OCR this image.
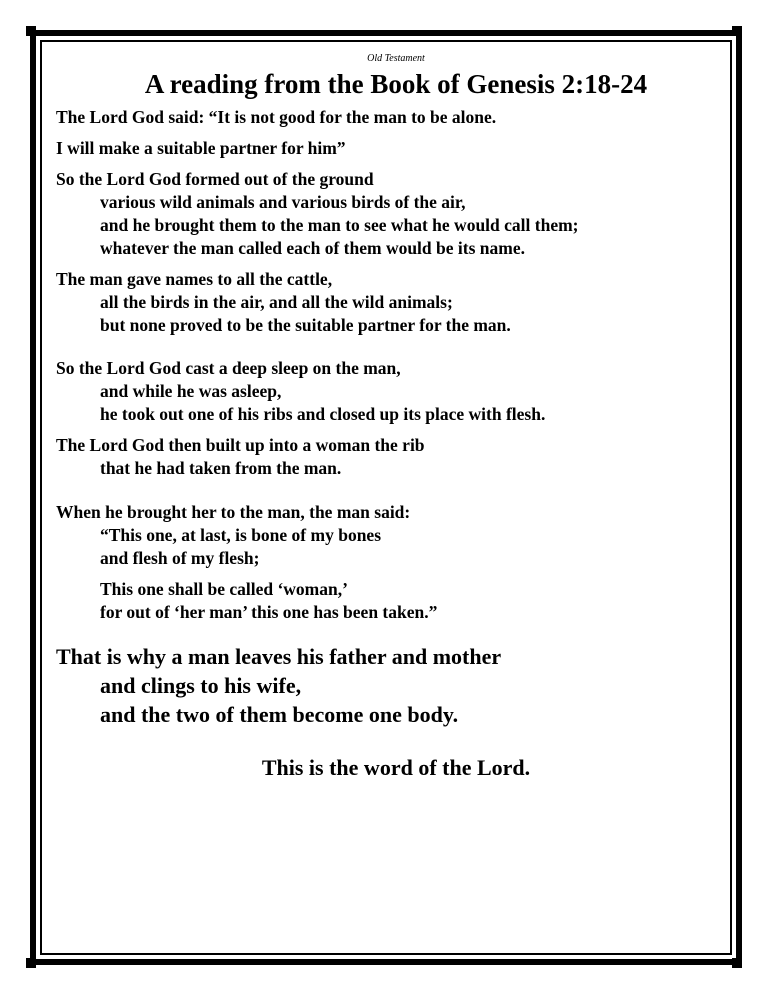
Old Testament

A reading from the Book of Genesis 2:18-24

The Lord God said: “It is not good for the man to be alone.

I will make a suitable partner for him”

So the Lord God formed out of the ground
various wild animals and various birds of the air,
and he brought them to the man to see what he would call them;
whatever the man called each of them would be its name.

The man gave names to all the cattle,
all the birds in the air, and all the wild animals;
but none proved to be the suitable partner for the man.

So the Lord God cast a deep sleep on the man,
and while he was asleep,
he took out one of his ribs and closed up its place with flesh.

The Lord God then built up into a woman the rib
that he had taken from the man.

When he brought her to the man, the man said:
“This one, at last, is bone of my bones
and flesh of my flesh;

This one shall be called ‘woman,’
for out of ‘her man’ this one has been taken.”

That is why a man leaves his father and mother
and clings to his wife,
and the two of them become one body.

This is the word of the Lord.
